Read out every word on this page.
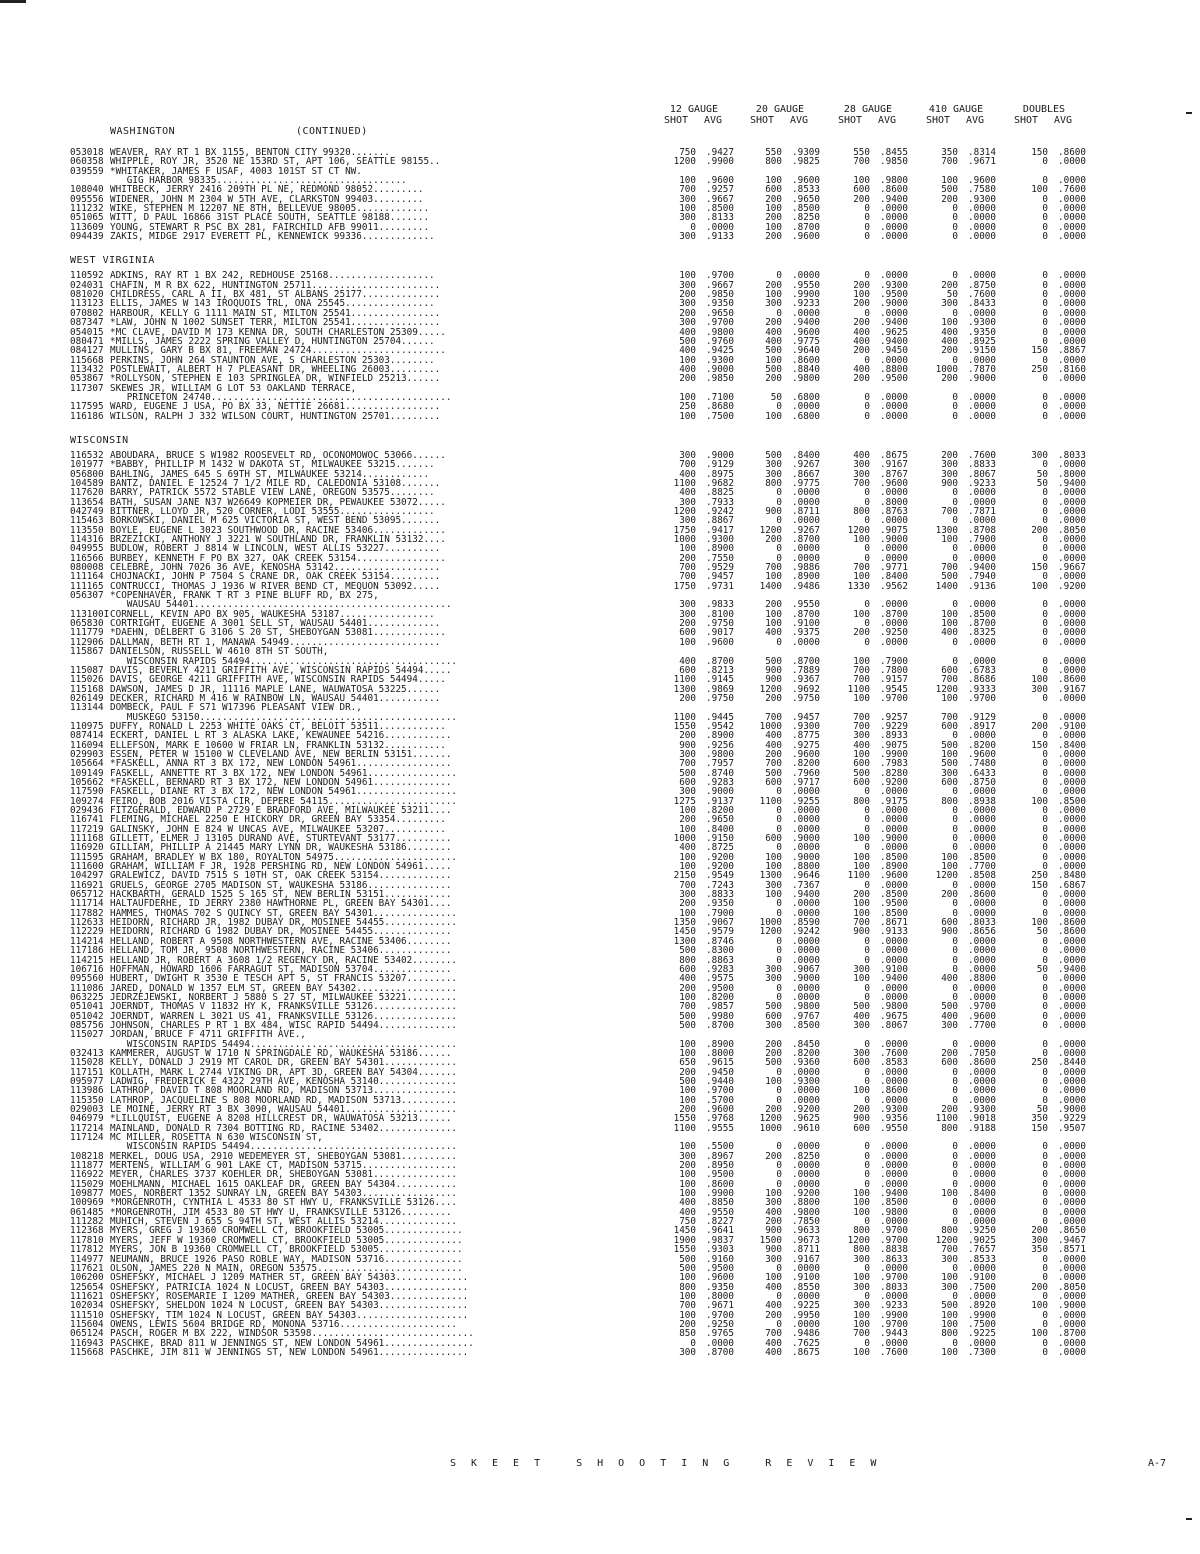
WASHINGTON	(CONTINUED)
12 GAUGE	20 GAUGE	28 GAUGE	410 GAUGE	DOUBLES
SHOT AVG	SHOT AVG	SHOT AVG	SHOT AVG	SHOT AVG
053018 WEAVER, RAY RT 1 BX 1155, BENTON CITY 99320.......	750	.9427	550	.9309	550	.8455	350	.8314	150	.8600
060358 WHIPPLE, ROY JR, 3520 NE 153RD ST, APT 106, SEATTLE 98155..	1200	.9900	800	.9825	700	.9850	700	.9671	0	.0000
039559 *WHITAKER, JAMES F USAF, 4003 101ST ST CT NW.
GIG HARBOR 98335..................................	100	.9600	100	.9600	100	.9800	100	.9600	0	.0000
108040 WHITBECK, JERRY 2416 209TH PL NE, REDMOND 98052.........	700	.9257	600	.8533	600	.8600	500	.7580	100	.7600
095556 WIDENER, JOHN M 2304 W 5TH AVE, CLARKSTON 99403.........	300	.9667	200	.9650	200	.9400	200	.9300	0	.0000
111232 WIKE, STEPHEN M 12207 NE 8TH, BELLEVUE 98005.............	100	.8500	100	.8500	0	.0000	0	.0000	0	.0000
051065 WITT, D PAUL 16866 31ST PLACE SOUTH, SEATTLE 98188.......	300	.8133	200	.8250	0	.0000	0	.0000	0	.0000
113609 YOUNG, STEWART R PSC BX 281, FAIRCHILD AFB 99011.........	0	.0000	100	.8700	0	.0000	0	.0000	0	.0000
094439 ZAKIS, MIDGE 2917 EVERETT PL, KENNEWICK 99336.............	300	.9133	200	.9600	0	.0000	0	.0000	0	.0000
WEST VIRGINIA
110592 ADKINS, RAY RT 1 BX 242, REDHOUSE 25168...................	100	.9700	0	.0000	0	.0000	0	.0000	0	.0000
024031 CHAFIN, M R BX 622, HUNTINGTON 25711.......................	300	.9667	200	.9550	200	.9300	200	.8750	0	.0000
081020 CHILDRESS, CARL A II, BX 481, ST ALBANS 25177..............	200	.9850	100	.9900	100	.9500	50	.7600	0	.0000
113123 ELLIS, JAMES W 143 IROQUOIS TRL, ONA 25545................	300	.9350	300	.9233	200	.9000	300	.8433	0	.0000
070802 HARBOUR, KELLY G 1111 MAIN ST, MILTON 25541................	200	.9650	0	.0000	0	.0000	0	.0000	0	.0000
087347 *LAW, JOHN N 1002 SUNSET TERR, MILTON 25541................	300	.9700	200	.9400	200	.9400	100	.9300	0	.0000
054015 *MC CLAVE, DAVID M 173 KENNA DR, SOUTH CHARLESTON 25309.....	400	.9800	400	.9600	400	.9625	400	.9350	0	.0000
080471 *MILLS, JAMES 2222 SPRING VALLEY D, HUNTINGTON 25704......	500	.9760	400	.9775	400	.9400	400	.8925	0	.0000
084127 MULLINS, GARY B BX 81, FREEMAN 24724........................	400	.9425	500	.9640	200	.9450	200	.9150	150	.8867
115668 PERKINS, JOHN 264 STAUNTON AVE, S CHARLESTON 25303........	100	.9300	100	.8600	0	.0000	0	.0000	0	.0000
113432 POSTLEWAIT, ALBERT H 7 PLEASANT DR, WHEELING 26003.........	400	.9000	500	.8840	400	.8800	1000	.7870	250	.8160
053867 *ROLLYSON, STEPHEN E 103 SPRINGLEA DR, WINFIELD 25213......	200	.9850	200	.9800	200	.9500	200	.9000	0	.0000
117307 SKEWES JR, WILLIAM G LOT 53 OAKLAND TERRACE,
PRINCETON 24740...........................................	100	.7100	50	.6800	0	.0000	0	.0000	0	.0000
117595 WARD, EUGENE J USA, PO BX 33, NETTIE 26681.................	250	.8680	0	.0000	0	.0000	0	.0000	0	.0000
116186 WILSON, RALPH J 332 WILSON COURT, HUNTINGTON 25701.........	100	.7500	100	.6800	0	.0000	0	.0000	0	.0000
WISCONSIN
116532 ABOUDARA, BRUCE S W1982 ROOSEVELT RD, OCONOMOWOC 53066......	300	.9000	500	.8400	400	.8675	200	.7600	300	.8033
101977 *BABBY, PHILLIP M 1432 W DAKOTA ST, MILWAUKEE 53215.......	700	.9129	300	.9267	300	.9167	300	.8833	0	.0000
056800 BAHLING, JAMES 645 S 69TH ST, MILWAUKEE 53214............	400	.8975	300	.8667	300	.8767	300	.8067	50	.8000
104589 BANTZ, DANIEL E 12524 7 1/2 MILE RD, CALEDONIA 53108.......	1100	.9682	800	.9775	700	.9600	900	.9233	50	.9400
117620 BARRY, PATRICK 5572 STABLE VIEW LANE, OREGON 53575........	400	.8825	0	.0000	0	.0000	0	.0000	0	.0000
113654 BATH, SUSAN JANE N37 W26649 KOPMEIER DR, PEWAUKEE 53072.....	300	.7933	0	.0000	0	.8000	0	.0000	0	.0000
042749 BITTNER, LLOYD JR, 520 CORNER, LODI 53555.................	1200	.9242	900	.8711	800	.8763	700	.7871	0	.0000
115463 BORKOWSKI, DANIEL M 625 VICTORIA ST, WEST BEND 53095.......	300	.8867	0	.0000	0	.0000	0	.0000	0	.0000
113550 BOYLE, EUGENE L 3023 SOUTHWOOD DR, RACINE 53406.............	1750	.9417	1200	.9267	1200	.9075	1300	.8708	200	.8050
114316 BRZEZICKI, ANTHONY J 3221 W SOUTHLAND DR, FRANKLIN 53132....	1000	.9300	200	.8700	100	.9000	100	.7900	0	.0000
049955 BUDLOW, ROBERT J 8814 W LINCOLN, WEST ALLIS 53227..........	100	.8900	0	.0000	0	.0000	0	.0000	0	.0000
116566 BURBEY, KENNETH F PO BX 327, OAK CREEK 53154................	200	.7550	0	.0000	0	.0000	0	.0000	0	.0000
080008 CELEBRE, JOHN 7026 36 AVE, KENOSHA 53142...................	700	.9529	700	.9886	700	.9771	700	.9400	150	.9667
111164 CHOJNACKI, JOHN P 7504 S CRANE DR, OAK CREEK 53154.........	700	.9457	100	.8900	100	.8400	500	.7940	0	.0000
111165 CONTRUCCI, THOMAS J 1936 W RIVER BEND CT, MEQUON 53092.....	1750	.9731	1400	.9486	1330	.9562	1400	.9136	100	.9200
056307 *COPENHAVER, FRANK T RT 3 PINE BLUFF RD, BX 275,
WAUSAU 54401..............................................	300	.9833	200	.9550	0	.0000	0	.0000	0	.0000
113100I CORNELL, KEVIN APO BX 905, WAUKESHA 53187.................	300	.8100	100	.8700	100	.8700	100	.8500	0	.0000
065830 CORTRIGHT, EUGENE A 3001 SELL ST, WAUSAU 54401.............	200	.9750	100	.9100	0	.0000	100	.8700	0	.0000
111779 *DAEHN, DELBERT G 3106 S 20 ST, SHEBOYGAN 53081.............	600	.9017	400	.9375	200	.9250	400	.8325	0	.0000
112906 DALLMAN, BETH RT 1, MANAWA 54949...........................	100	.9600	0	.0000	0	.0000	0	.0000	0	.0000
115867 DANIELSON, RUSSELL W 4610 8TH ST SOUTH,
WISCONSIN RAPIDS 54494.....................................	400	.8700	500	.8700	100	.7900	0	.0000	0	.0000
115087 DAVIS, BEVERLY 4211 GRIFFITH AVE, WISCONSIN RAPIDS 54494.....	600	.8213	900	.7889	700	.7800	600	.6783	0	.0000
115026 DAVIS, GEORGE 4211 GRIFFITH AVE, WISCONSIN RAPIDS 54494.....	1100	.9145	900	.9367	700	.9157	700	.8686	100	.8600
115168 DAWSON, JAMES D JR, 11116 MAPLE LANE, WAUWATOSA 53225......	1300	.9869	1200	.9692	1100	.9545	1200	.9333	300	.9167
026149 DECKER, RICHARD M 416 W RAINBOW LN, WAUSAU 54401...........	200	.9750	200	.9750	100	.9700	100	.9700	0	.0000
113144 DOMBECK, PAUL F S71 W17396 PLEASANT VIEW DR.,
MUSKEGO 53150..............................................	1100	.9445	700	.9457	700	.9257	700	.9129	0	.0000
110975 DUFFY, RONALD L 2253 WHITE OAKS CT, BELOIT 53511............	1550	.9542	1000	.9300	700	.9229	600	.8917	200	.9100
087414 ECKERT, DANIEL L RT 3 ALASKA LAKE, KEWAUNEE 54216............	200	.8900	400	.8775	300	.8933	0	.0000	0	.0000
116094 ELLEFSON, MARK E 10600 W FRIAR LN, FRANKLIN 53132...........	900	.9256	400	.9275	400	.9075	500	.8200	150	.8400
029903 ESSEN, PETER W 15100 W CLEVELAND AVE, NEW BERLIN 53151.......	300	.9800	200	.9600	100	.9900	100	.9600	0	.0000
105664 *FASKELL, ANNA RT 3 BX 172, NEW LONDON 54961.................	700	.7957	700	.8200	600	.7983	500	.7480	0	.0000
109149 FASKELL, ANNETTE RT 3 BX 172, NEW LONDON 54961................	500	.8740	500	.7960	500	.8280	300	.6433	0	.0000
105662 *FASKELL, BERNARD RT 3 BX 172, NEW LONDON 54961..............	600	.9283	600	.9717	600	.9200	600	.8750	0	.0000
117590 FASKELL, DIANE RT 3 BX 172, NEW LONDON 54961..................	300	.9000	0	.0000	0	.0000	0	.0000	0	.0000
109274 FEIRO, BOB 2016 VISTA CIR, DEPERE 54115.......................	1275	.9137	1100	.9255	800	.9175	800	.8938	100	.8500
029436 FITZGERALD, EDWARD P 2729 E BRADFORD AVE, MILWAUKEE 53211....	100	.8200	0	.0000	0	.0000	0	.0000	0	.0000
116741 FLEMING, MICHAEL 2250 E HICKORY DR, GREEN BAY 53354.........	200	.9650	0	.0000	0	.0000	0	.0000	0	.0000
117219 GALINSKY, JOHN E 824 W UNCAS AVE, MILWAUKEE 53207...........	100	.8400	0	.0000	0	.0000	0	.0000	0	.0000
111168 GILLETT, ELMER J 13105 DURAND AVE, STURTEVANT 53177..........	1000	.9150	600	.9000	100	.9000	0	.0000	0	.0000
116920 GILLIAM, PHILLIP A 21445 MARY LYNN DR, WAUKESHA 53186........	400	.8725	0	.0000	0	.0000	0	.0000	0	.0000
111595 GRAHAM, BRADLEY W BX 180, ROYALTON 54975......................	100	.9200	100	.9000	100	.8500	100	.8500	0	.0000
111600 GRAHAM, WILLIAM F JR, 1928 PERSHING RD, NEW LONDON 54961.....	100	.9200	100	.8800	100	.8900	100	.7700	0	.0000
104297 GRALEWICZ, DAVID 7515 S 10TH ST, OAK CREEK 53154.............	2150	.9549	1300	.9646	1100	.9600	1200	.8508	250	.8480
116921 GRUELS, GEORGE 2705 MADISON ST, WAUKESHA 53186...............	700	.7243	300	.7367	0	.0000	0	.0000	150	.6867
065712 HACKBARTH, GERALD 1525 S 165 ST, NEW BERLIN 53151............	300	.8833	100	.9400	200	.8500	200	.8600	0	.0000
111714 HALTAUFDERHE, ID JERRY 2380 HAWTHORNE PL, GREEN BAY 54301....	200	.9350	0	.0000	100	.9500	0	.0000	0	.0000
117882 HAMMES, THOMAS 702 S QUINCY ST, GREEN BAY 54301...............	100	.7900	0	.0000	100	.8500	0	.0000	0	.0000
112633 HEIDORN, RICHARD JR, 1982 DUBAY DR, MOSINEE 54455.............	1350	.9067	1000	.8590	700	.8671	600	.8033	100	.8600
112229 HEIDORN, RICHARD G 1982 DUBAY DR, MOSINEE 54455..............	1450	.9579	1200	.9242	900	.9133	900	.8656	50	.8600
114214 HELLAND, ROBERT A 9508 NORTHWESTERN AVE, RACINE 53406........	1300	.8746	0	.0000	0	.0000	0	.0000	0	.0000
117186 HELLAND, TOM JR, 9508 NORTHWESTERN, RACINE 53406.............	500	.8300	0	.0000	0	.0000	0	.0000	0	.0000
114215 HELLAND JR, ROBERT A 3608 1/2 REGENCY DR, RACINE 53402........	800	.8863	0	.0000	0	.0000	0	.0000	0	.0000
106716 HOFFMAN, HOWARD 1606 FARRAGUT ST, MADISON 53704..............	600	.9283	300	.9067	300	.9100	0	.0000	50	.9400
095560 HUBERT, DWIGHT R 3530 E TESCH APT 5, ST FRANCIS 53207.........	400	.9575	300	.9000	100	.9400	400	.8800	0	.0000
111086 JARED, DONALD W 1357 ELM ST, GREEN BAY 54302..................	200	.9500	0	.0000	0	.0000	0	.0000	0	.0000
063225 JEDRZEJEWSKI, NORBERT J 5880 S 27 ST, MILWAUKEE 53221.........	100	.8200	0	.0000	0	.0000	0	.0000	0	.0000
051041 JOERNDT, THOMAS V 11832 HY K, FRANKSVILLE 53126...............	700	.9857	500	.9800	500	.9800	500	.9700	0	.0000
051042 JOERNDT, WARREN L 3021 US 41, FRANKSVILLE 53126...............	500	.9980	600	.9767	400	.9675	400	.9600	0	.0000
085756 JOHNSON, CHARLES P RT 1 BX 484, WISC RAPID 54494..............	500	.8700	300	.8500	300	.8067	300	.7700	0	.0000
115027 JORDAN, BRUCE F 4711 GRIFFITH AVE.,
WISCONSIN RAPIDS 54494.....................................	100	.8900	200	.8450	0	.0000	0	.0000	0	.0000
032413 KAMMERER, AUGUST W 1710 N SPRINGDALE RD, WAUKESHA 53186......	100	.8000	200	.8200	300	.7600	200	.7050	0	.0000
115028 KELLY, DONALD J 2919 MT CAROL DR, GREEN BAY 54301.............	650	.9615	500	.9360	600	.8583	600	.8600	250	.8440
117151 KOLLATH, MARK L 2744 VIKING DR, APT 3D, GREEN BAY 54304.......	200	.9450	0	.0000	0	.0000	0	.0000	0	.0000
095977 LADWIG, FREDERICK E 4322 29TH AVE, KENOSHA 53140..............	500	.9440	100	.9300	0	.0000	0	.0000	0	.0000
113986 LATHROP, DAVID T 808 MOORLAND RD, MADISON 53713...............	100	.9700	0	.0000	100	.8600	0	.0000	0	.0000
115350 LATHROP, JACQUELINE S 808 MOORLAND RD, MADISON 53713..........	100	.5700	0	.0000	0	.0000	0	.0000	0	.0000
029003 LE MOINE, JERRY RT 3 BX 3090, WAUSAU 54401....................	200	.9600	200	.9200	200	.9300	200	.9300	50	.9000
046979 *LILLQUIST, EUGENE A 8208 HILLCREST DR, WAUWATOSA 53213......	1550	.9768	1200	.9625	900	.9356	1100	.9018	350	.9229
117214 MAINLAND, DONALD R 7304 BOTTING RD, RACINE 53402..............	1100	.9555	1000	.9610	600	.9550	800	.9188	150	.9507
117124 MC MILLER, ROSETTA N 630 WISCONSIN ST,
WISCONSIN RAPIDS 54494.....................................	100	.5500	0	.0000	0	.0000	0	.0000	0	.0000
108218 MERKEL, DOUG USA, 2910 WEDEMEYER ST, SHEBOYGAN 53081..........	300	.8967	200	.8250	0	.0000	0	.0000	0	.0000
111877 MERTENS, WILLIAM G 901 LAKE CT, MADISON 53715.................	200	.8950	0	.0000	0	.0000	0	.0000	0	.0000
116922 MEYER, CHARLES 3737 KOEHLER DR, SHEBOYGAN 53081...............	100	.9500	0	.0000	0	.0000	0	.0000	0	.0000
115029 MOEHLMANN, MICHAEL 1615 OAKLEAF DR, GREEN BAY 54304...........	100	.8600	0	.0000	0	.0000	0	.0000	0	.0000
109877 MOES, NORBERT 1352 SUNRAY LN, GREEN BAY 54303.................	100	.9900	100	.9200	100	.9400	100	.8400	0	.0000
100969 *MORGENROTH, CYNTHIA L 4533 80 ST HWY U, FRANKSVILLE 53126....	400	.8850	300	.8800	100	.8500	0	.0000	0	.0000
061485 *MORGENROTH, JIM 4533 80 ST HWY U, FRANKSVILLE 53126.........	400	.9550	400	.9800	100	.9800	0	.0000	0	.0000
111282 MUHICH, STEVEN J 655 S 94TH ST, WEST ALLIS 53214..............	750	.8227	200	.7850	0	.0000	0	.0000	0	.0000
112368 MYERS, GREG J 19360 CROMWELL CT, BROOKFIELD 53005..............	1450	.9641	900	.9633	800	.9700	800	.9250	200	.8650
117810 MYERS, JEFF W 19360 CROMWELL CT, BROOKFIELD 53005..............	1900	.9837	1500	.9673	1200	.9700	1200	.9025	300	.9467
117812 MYERS, JON B 19360 CROMWELL CT, BROOKFIELD 53005...............	1550	.9303	900	.8711	800	.8838	700	.7657	350	.8571
114977 NEUMANN, BRUCE 1926 PASO ROBLE WAY, MADISON 53716..............	500	.9160	300	.9167	300	.8633	300	.8533	0	.0000
117621 OLSON, JAMES 220 N MAIN, OREGON 53575..........................	500	.9500	0	.0000	0	.0000	0	.0000	0	.0000
106200 OSHEFSKY, MICHAEL J 1209 MATHER ST, GREEN BAY 54303.............	100	.9600	100	.9100	100	.9700	100	.9100	0	.0000
125654 OSHEFSKY, PATRICIA 1024 N LOCUST, GREEN BAY 54303...............	800	.9350	400	.8550	300	.8033	300	.7500	200	.8050
111621 OSHEFSKY, ROSEMARIE I 1209 MATHER, GREEN BAY 54303..............	100	.8000	0	.0000	0	.0000	0	.0000	0	.0000
102034 OSHEFSKY, SHELDON 1024 N LOCUST, GREEN BAY 54303................	700	.9671	400	.9225	300	.9233	500	.8920	100	.9000
111510 OSHEFSKY, TIM 1024 N LOCUST, GREEN BAY 54303....................	100	.9700	200	.9950	100	.9900	100	.9900	0	.0000
115604 OWENS, LEWIS 5604 BRIDGE RD, MONONA 53716.....................	200	.9250	0	.0000	100	.9700	100	.7500	0	.0000
065124 PASCH, ROGER M BX 222, WINDSOR 53598.............................	850	.9765	700	.9486	700	.9443	800	.9225	100	.8700
116943 PASCHKE, BRAD 811 W JENNINGS ST, NEW LONDON 54961................	0	.0000	400	.7625	0	.0000	0	.0000	0	.0000
115668 PASCHKE, JIM 811 W JENNINGS ST, NEW LONDON 54961................	300	.8700	400	.8675	100	.7600	100	.7300	0	.0000
SKEET SHOOTING REVIEW	A-7
